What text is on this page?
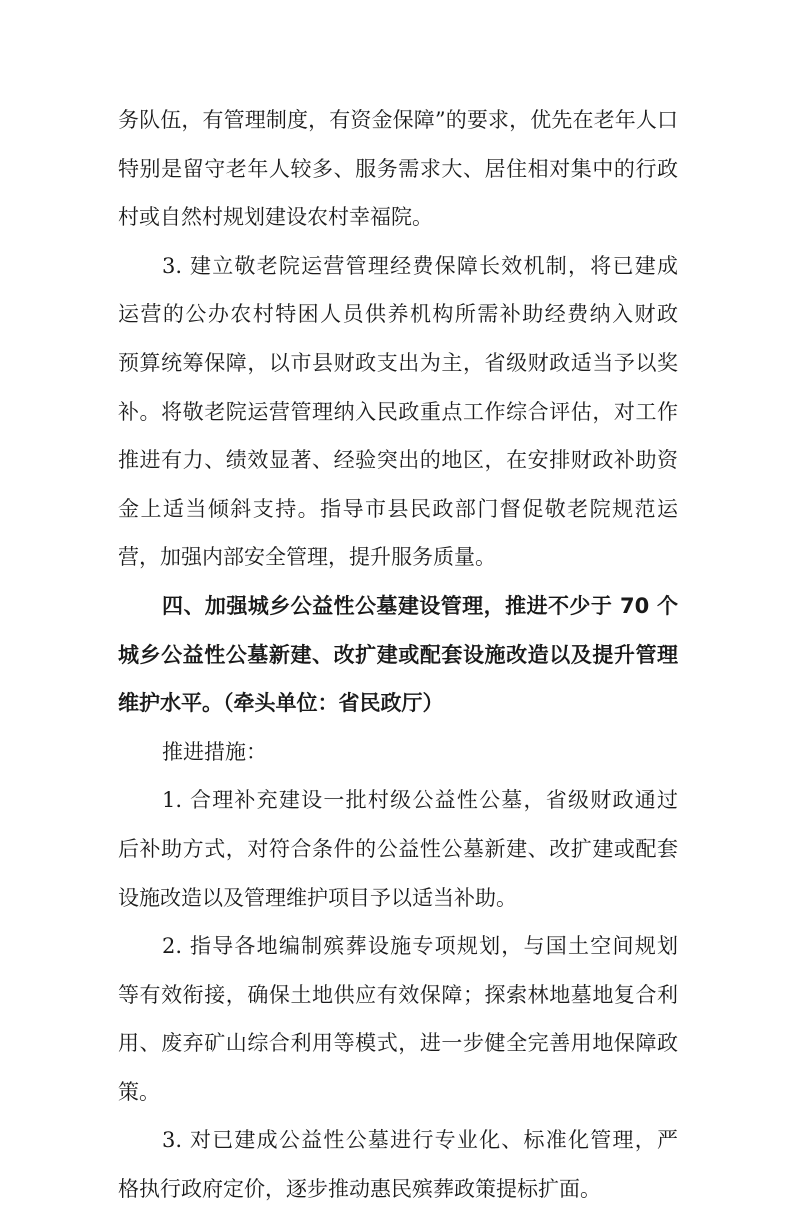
务队伍，有管理制度，有资金保障”的要求，优先在老年人口
特别是留守老年人较多、服务需求大、居住相对集中的行政
村或自然村规划建设农村幸福院。
3. 建立敬老院运营管理经费保障长效机制，将已建成
运营的公办农村特困人员供养机构所需补助经费纳入财政
预算统筹保障，以市县财政支出为主，省级财政适当予以奖
补。将敬老院运营管理纳入民政重点工作综合评估，对工作
推进有力、绩效显著、经验突出的地区，在安排财政补助资
金上适当倾斜支持。指导市县民政部门督促敬老院规范运
营，加强内部安全管理，提升服务质量。
四、加强城乡公益性公墓建设管理，推进不少于 70 个
城乡公益性公墓新建、改扩建或配套设施改造以及提升管理
维护水平。（牵头单位：省民政厅）
推进措施：
1. 合理补充建设一批村级公益性公墓，省级财政通过
后补助方式，对符合条件的公益性公墓新建、改扩建或配套
设施改造以及管理维护项目予以适当补助。
2. 指导各地编制殡葬设施专项规划，与国土空间规划
等有效衔接，确保土地供应有效保障；探索林地墓地复合利
用、废弃矿山综合利用等模式，进一步健全完善用地保障政
策。
3. 对已建成公益性公墓进行专业化、标准化管理，严
格执行政府定价，逐步推动惠民殡葬政策提标扩面。
